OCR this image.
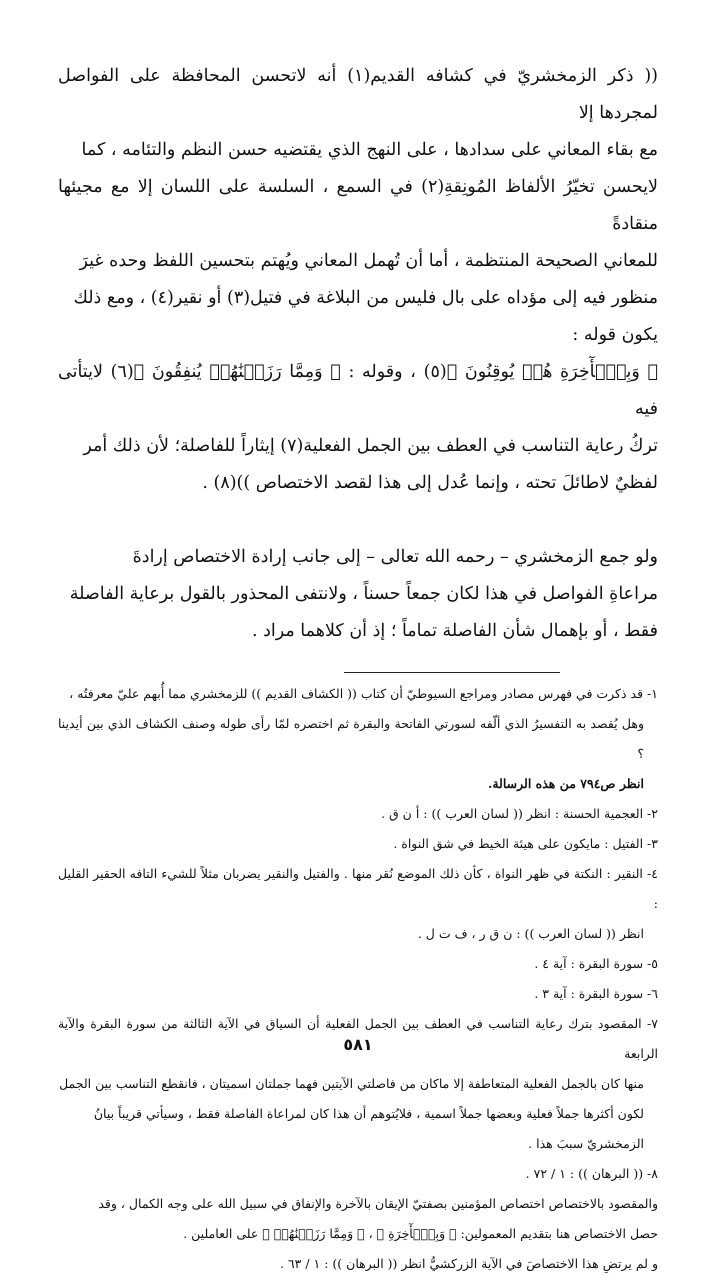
(( ذكر الزمخشريّ في كشافه القديم(١) أنه لاتحسن المحافظة على الفواصل لمجردها إلا

مع بقاء المعاني على سدادها ، على النهج الذي يقتضيه حسن النظم والتئامه ، كما

لايحسن تخيّرُ الألفاظ المُونِقةِ(٢) في السمع ، السلسة على اللسان إلا مع مجيئها منقادةً

للمعاني الصحيحة المنتظمة ، أما أن تُهمل المعاني ويُهتم بتحسين اللفظ وحده غيرَ

منظور فيه إلى مؤداه على بال فليس من البلاغة في فتيل(٣) أو نقير(٤) ، ومع ذلك

يكون قوله :

﴿ وَبِٱلۡأٓخِرَةِ هُمۡ يُوقِنُونَ ﴾(٥) ، وقوله : ﴿ وَمِمَّا رَزَقۡنَٰهُمۡ يُنفِقُونَ ﴾(٦) لايتأتى فيه

تركُ رعاية التناسب في العطف بين الجمل الفعلية(٧) إيثاراً للفاصلة؛ لأن ذلك أمر

لفظيٌ لاطائلَ تحته ، وإنما عُدل إلى هذا لقصد الاختصاص ))(٨) .

ولو جمع الزمخشري – رحمه الله تعالى – إلى جانب إرادة الاختصاص إرادةَ

مراعاةِ الفواصل في هذا لكان جمعاً حسناً ، ولانتفى المحذور بالقول برعاية الفاصلة

فقط ، أو بإهمال شأن الفاصلة تماماً ؛ إذ أن كلاهما مراد .

١- قد ذكرت في فهرس مصادر ومراجع السيوطيّ أن كتاب (( الكشاف القديم )) للزمخشري مما أُبهم عليّ معرفتُه ،

وهل يُقصد به التفسيرُ الذي ألّفه لسورتي الفاتحة والبقرة ثم اختصره لمّا رأى طوله وصنف الكشاف الذي بين أيدينا ؟

انظر ص٧٩٤ من هذه الرسالة.

٢- العجمية الحسنة : انظر (( لسان العرب )) : أ ن ق .

٣- الفتيل : مايكون على هيئة الخيط في شق النواة .

٤- النقير : النكتة في ظهر النواة ، كأن ذلك الموضع نُقر منها . والفتيل والنقير يضربان مثلاً للشيء التافه الحقير القليل :

انظر (( لسان العرب )) : ن ق ر ، ف ت ل .

٥- سورة البقرة : آية ٤ .

٦- سورة البقرة : آية ٣ .

٧- المقصود بترك رعاية التناسب في العطف بين الجمل الفعلية أن السياق في الآية الثالثة من سورة البقرة والآية الرابعة

منها كان بالجمل الفعلية المتعاطفة إلا ماكان من فاصلتي الآيتين فهما جملتان اسميتان ، فانقطع التناسب بين الجمل

لكون أكثرها جملاً فعلية وبعضها جملاً اسمية ، فلايُتوهم أن هذا كان لمراعاة الفاصلة فقط ، وسيأتي قريباً بيانُ

الزمخشريّ سببَ هذا .

٨- (( البرهان )) : ١ / ٧٢ .

والمقصود بالاختصاص اختصاص المؤمنين بصفتيّ الإيقان بالآخرة والإنفاق في سبيل الله على وجه الكمال ، وقد

حصل الاختصاص هنا بتقديم المعمولين: ﴿ وَبِٱلۡأٓخِرَةِ ﴾ ، ﴿ وَمِمَّا رَزَقۡنَٰهُمۡ ﴾ على العاملين .

و لم يرتضِ هذا الاختصاصَ في الآية الزركشيُّ انظر (( البرهان )) : ١ / ٦٣ .

٥٨١
